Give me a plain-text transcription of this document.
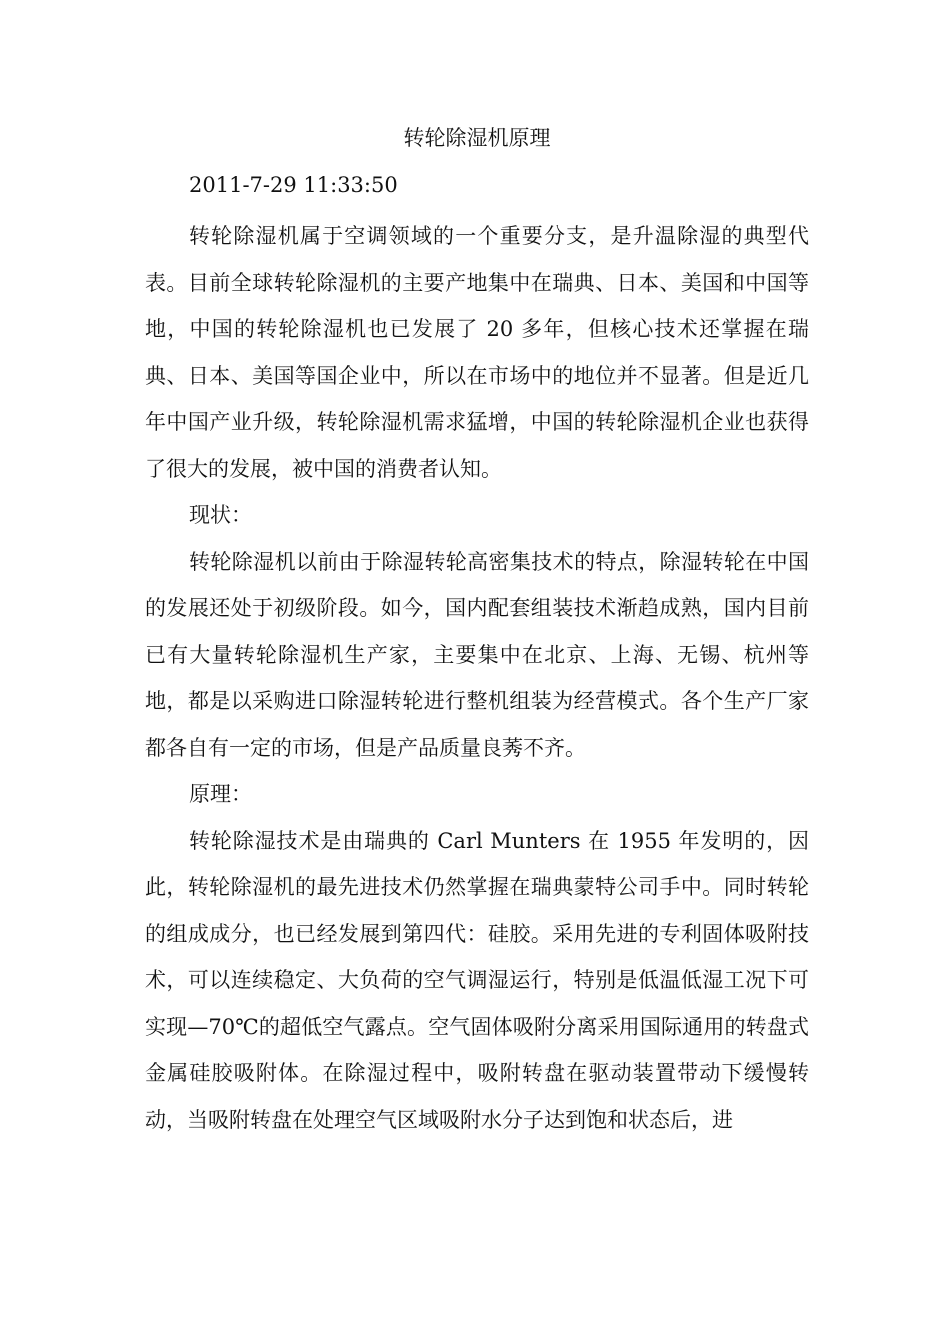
转轮除湿机原理

2011-7-29 11:33:50

转轮除湿机属于空调领域的一个重要分支，是升温除湿的典型代表。目前全球转轮除湿机的主要产地集中在瑞典、日本、美国和中国等地，中国的转轮除湿机也已发展了 20 多年，但核心技术还掌握在瑞典、日本、美国等国企业中，所以在市场中的地位并不显著。但是近几年中国产业升级，转轮除湿机需求猛增，中国的转轮除湿机企业也获得了很大的发展，被中国的消费者认知。

现状：

转轮除湿机以前由于除湿转轮高密集技术的特点，除湿转轮在中国的发展还处于初级阶段。如今，国内配套组装技术渐趋成熟，国内目前已有大量转轮除湿机生产家，主要集中在北京、上海、无锡、杭州等地，都是以采购进口除湿转轮进行整机组装为经营模式。各个生产厂家都各自有一定的市场，但是产品质量良莠不齐。

原理：

转轮除湿技术是由瑞典的 Carl Munters 在 1955 年发明的，因此，转轮除湿机的最先进技术仍然掌握在瑞典蒙特公司手中。同时转轮的组成成分，也已经发展到第四代：硅胶。采用先进的专利固体吸附技术，可以连续稳定、大负荷的空气调湿运行，特别是低温低湿工况下可实现—70℃的超低空气露点。空气固体吸附分离采用国际通用的转盘式金属硅胶吸附体。在除湿过程中，吸附转盘在驱动装置带动下缓慢转动，当吸附转盘在处理空气区域吸附水分子达到饱和状态后，进
